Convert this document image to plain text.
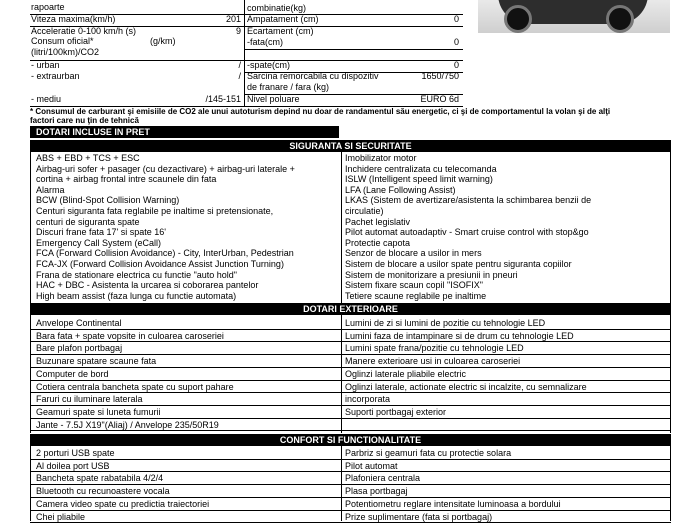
rapoarte
Viteza maxima(km/h)	201
Acceleratie 0-100 km/h (s)	9
Consum oficial*	(g/km)
(litri/100km)/CO2
- urban	/
- extraurban	/
- mediu	/145-151
combinatie(kg)
Ampatament (cm)	0
Ecartament (cm)
-fata(cm)	0
-spate(cm)	0
Sarcina remorcabila cu dispozitiv	1650/750
de franare / fara (kg)
Nivel poluare	EURO 6d
* Consumul de carburant şi emisiile de CO2 ale unui autoturism depind nu doar de randamentul său energetic, ci şi de comportamentul la volan şi de alţi
factori care nu ţin de tehnică
DOTARI INCLUSE IN PRET
SIGURANTA SI SECURITATE
ABS + EBD + TCS + ESC	Imobilizator motor
Airbag-uri sofer + pasager (cu dezactivare) + airbag-uri laterale +	Inchidere centralizata cu telecomanda
cortina + airbag frontal intre scaunele din fata	ISLW (Intelligent speed limit warning)
Alarma	LFA (Lane Following Assist)
BCW (Blind-Spot Collision Warning)	LKAS (Sistem de avertizare/asistenta la schimbarea benzii de
Centuri siguranta fata reglabile pe inaltime si pretensionate,	circulatie)
centuri de siguranta spate	Pachet legislativ
Discuri frane fata 17' si spate 16'	Pilot automat autoadaptiv - Smart cruise control with stop&go
Emergency Call System (eCall)	Protectie capota
FCA (Forward Collision Avoidance) - City, InterUrban, Pedestrian	Senzor de blocare a usilor in mers
FCA-JX (Forward Collision Avoidance Assist Junction Turning)	Sistem de blocare a usilor spate pentru siguranta copiilor
Frana de stationare electrica cu functie "auto hold"	Sistem de monitorizare a presiunii in pneuri
HAC + DBC - Asistenta la urcarea si coborarea pantelor	Sistem fixare scaun copil "ISOFIX"
High beam assist (faza lunga cu functie automata)	Tetiere scaune reglabile pe inaltime
DOTARI EXTERIOARE
Anvelope Continental	Lumini de zi si lumini de pozitie cu tehnologie LED
Bara fata + spate vopsite in culoarea caroseriei	Lumini faza de intampinare si de drum cu tehnologie LED
Bare plafon portbagaj	Lumini spate frana/pozitie cu tehnologie LED
Buzunare spatare scaune fata	Manere exterioare usi in culoarea caroseriei
Computer de bord	Oglinzi laterale pliabile electric
Cotiera centrala bancheta spate cu suport pahare	Oglinzi laterale, actionate electric si incalzite, cu semnalizare
Faruri cu iluminare laterala	incorporata
Geamuri spate si luneta fumurii	Suporti portbagaj exterior
Jante - 7.5J X19"(Aliaj) / Anvelope 235/50R19
CONFORT SI FUNCTIONALITATE
2 porturi USB spate	Parbriz si geamuri fata cu protectie solara
Al doilea port USB	Pilot automat
Bancheta spate rabatabila 4/2/4	Plafoniera centrala
Bluetooth cu recunoastere vocala	Plasa portbagaj
Camera video spate cu predictia traiectoriei	Potentiometru reglare intensitate luminoasa a bordului
Chei pliabile	Prize suplimentare (fata si portbagaj)
